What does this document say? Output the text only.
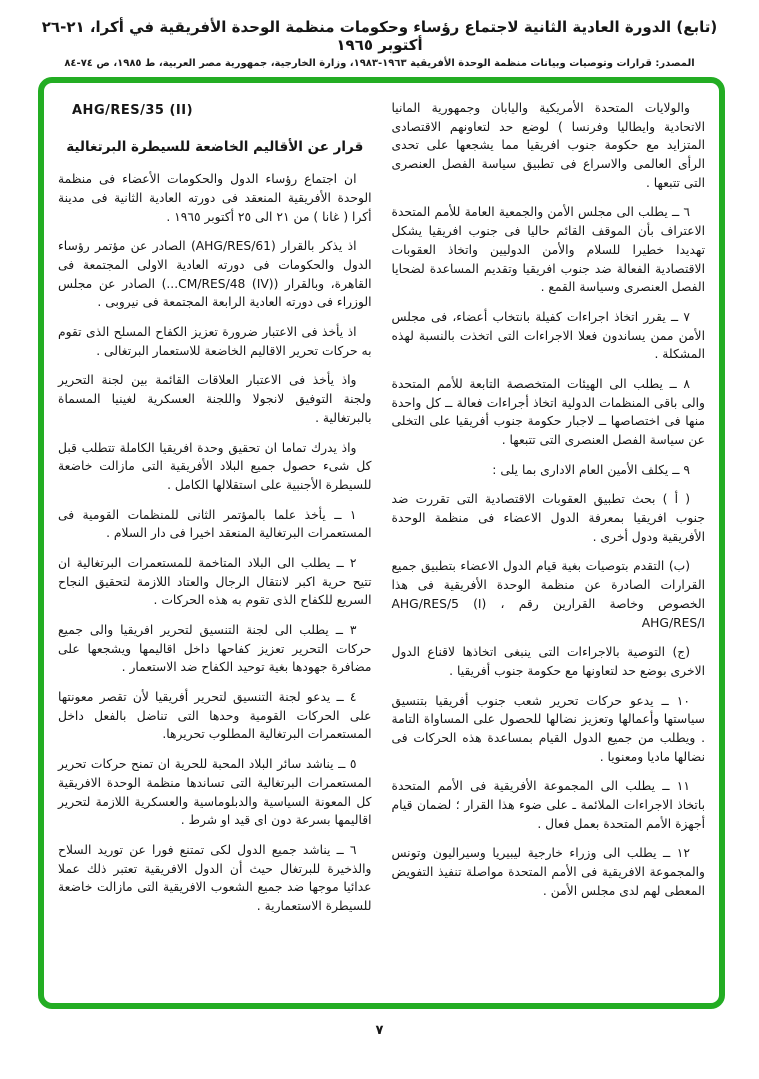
(تابع) الدورة العادية الثانية لاجتماع رؤساء وحكومات منظمة الوحدة الأفريقية في أكرا، ٢١-٢٦ أكتوبر ١٩٦٥
المصدر: قرارات وتوصيات وبيانات منظمة الوحدة الأفريقية ١٩٦٣-١٩٨٣، وزارة الخارجية، جمهورية مصر العربية، ط ١٩٨٥، ص ٧٤-٨٤

والولايات المتحدة الأمريكية واليابان وجمهورية المانيا الاتحادية وايطاليا وفرنسا ) لوضع حد لتعاونهم الاقتصادى المتزايد مع حكومة جنوب افريقيا مما يشجعها على تحدى الرأى العالمى والاسراع فى تطبيق سياسة الفصل العنصرى التى تتبعها .

٦ ــ يطلب الى مجلس الأمن والجمعية العامة للأمم المتحدة الاعتراف بأن الموقف القائم حاليا فى جنوب افريقيا يشكل تهديدا خطيرا للسلام والأمن الدوليين واتخاذ العقوبات الاقتصادية الفعالة ضد جنوب افريقيا وتقديم المساعدة لضحايا الفصل العنصرى وسياسة القمع .

٧ ــ يقرر اتخاذ اجراءات كفيلة بانتخاب أعضاء، فى مجلس الأمن ممن يساندون فعلا الاجراءات التى اتخذت بالنسبة لهذه المشكلة .

٨ ــ يطلب الى الهيئات المتخصصة التابعة للأمم المتحدة والى باقى المنظمات الدولية اتخاذ أجراءات فعالة ــ كل واحدة منها فى اختصاصها ــ لاجبار حكومة جنوب أفريقيا على التخلى عن سياسة الفصل العنصرى التى تتبعها .

٩ ــ يكلف الأمين العام الادارى بما يلى :

( أ ) بحث تطبيق العقوبات الاقتصادية التى تقررت ضد جنوب افريقيا بمعرفة الدول الاعضاء فى منظمة الوحدة الأفريقية ودول أخرى .

(ب) التقدم بتوصيات بغية قيام الدول الاعضاء بتطبيق جميع القرارات الصادرة عن منظمة الوحدة الأفريقية فى هذا الخصوص وخاصة القرارين رقم AHG/RES/5 (I) ، AHG/RES/I

(ج) التوصية بالاجراءات التى ينبغى اتخاذها لاقناع الدول الاخرى بوضع حد لتعاونها مع حكومة جنوب أفريقيا .

١٠ ــ يدعو حركات تحرير شعب جنوب أفريقيا بتنسيق سياستها وأعمالها وتعزيز نضالها للحصول على المساواة التامة . ويطلب من جميع الدول القيام بمساعدة هذه الحركات فى نضالها ماديا ومعنويا .

١١ ــ يطلب الى المجموعة الأفريقية فى الأمم المتحدة باتخاذ الاجراءات الملائمة ـ على ضوء هذا القرار ؛ لضمان قيام أجهزة الأمم المتحدة بعمل فعال .

١٢ ــ يطلب الى وزراء خارجية ليبيريا وسيراليون وتونس والمجموعة الافريقية فى الأمم المتحدة مواصلة تنفيذ التفويض المعطى لهم لدى مجلس الأمن .

AHG/RES/35 (II)
قرار عن الأقاليم الخاضعة للسيطرة البرتغالية

ان اجتماع رؤساء الدول والحكومات الأعضاء فى منظمة الوحدة الأفريقية المنعقد فى دورته العادية الثانية فى مدينة أكرا ( غانا ) من ٢١ الى ٢٥ أكتوبر ١٩٦٥ .

اذ يذكر بالقرار (AHG/RES/61) الصادر عن مؤتمر رؤساء الدول والحكومات فى دورته العادية الاولى المجتمعة فى القاهرة، وبالقرار (CM/RES/48 (IV)...) الصادر عن مجلس الوزراء فى دورته العادية الرابعة المجتمعة فى نيروبى .

اذ يأخذ فى الاعتبار ضرورة تعزيز الكفاح المسلح الذى تقوم به حركات تحرير الاقاليم الخاضعة للاستعمار البرتغالى .

واذ يأخذ فى الاعتبار العلاقات القائمة بين لجنة التحرير ولجنة التوفيق لانجولا واللجنة العسكرية لغينيا المسماة بالبرتغالية .

واذ يدرك تماما ان تحقيق وحدة افريقيا الكاملة تتطلب قبل كل شىء حصول جميع البلاد الأفريقية التى مازالت خاضعة للسيطرة الأجنبية على استقلالها الكامل .

١ ــ يأخذ علما بالمؤتمر الثانى للمنظمات القومية فى المستعمرات البرتغالية المنعقد اخيرا فى دار السلام .

٢ ــ يطلب الى البلاد المتاخمة للمستعمرات البرتغالية ان تتيح حرية اكبر لانتقال الرجال والعتاد اللازمة لتحقيق النجاح السريع للكفاح الذى تقوم به هذه الحركات .

٣ ــ يطلب الى لجنة التنسيق لتحرير افريقيا والى جميع حركات التحرير تعزيز كفاحها داخل اقاليمها ويشجعها على مضافرة جهودها بغية توحيد الكفاح ضد الاستعمار .

٤ ــ يدعو لجنة التنسيق لتحرير أفريقيا لأن تقصر معونتها على الحركات القومية وحدها التى تناضل بالفعل داخل المستعمرات البرتغالية المطلوب تحريرها.

٥ ــ يناشد سائر البلاد المحبة للحرية ان تمنح حركات تحرير المستعمرات البرتغالية التى تساندها منظمة الوحدة الافريقية كل المعونة السياسية والدبلوماسية والعسكرية اللازمة لتحرير اقاليمها بسرعة دون اى قيد او شرط .

٦ ــ يناشد جميع الدول لكى تمتنع فورا عن توريد السلاح والذخيرة للبرتغال حيث أن الدول الافريقية تعتبر ذلك عملا عدائيا موجها ضد جميع الشعوب الافريقية التى مازالت خاضعة للسيطرة الاستعمارية .

٧
